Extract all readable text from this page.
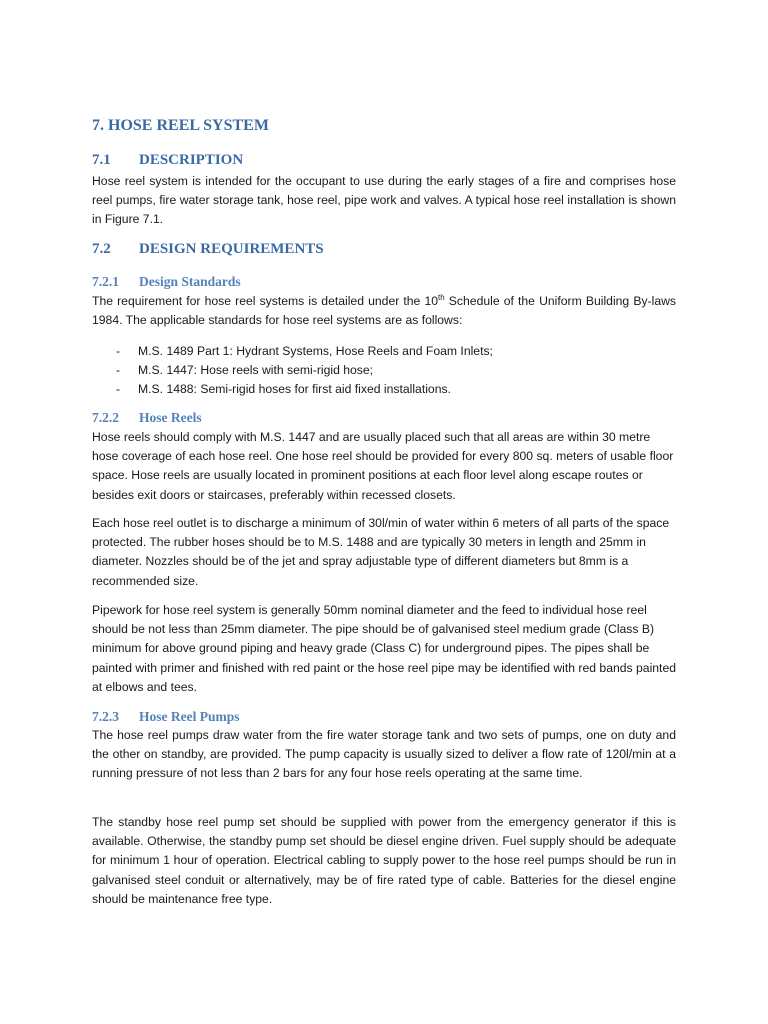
7. HOSE REEL SYSTEM
7.1 DESCRIPTION

Hose reel system is intended for the occupant to use during the early stages of a fire and comprises hose reel pumps, fire water storage tank, hose reel, pipe work and valves. A typical hose reel installation is shown in Figure 7.1.

7.2 DESIGN REQUIREMENTS
7.2.1 Design Standards

The requirement for hose reel systems is detailed under the 10th Schedule of the Uniform Building By-laws 1984. The applicable standards for hose reel systems are as follows:

- M.S. 1489 Part 1: Hydrant Systems, Hose Reels and Foam Inlets;
- M.S. 1447: Hose reels with semi-rigid hose;
- M.S. 1488: Semi-rigid hoses for first aid fixed installations.
7.2.2 Hose Reels

Hose reels should comply with M.S. 1447 and are usually placed such that all areas are within 30 metre hose coverage of each hose reel. One hose reel should be provided for every 800 sq. meters of usable floor space. Hose reels are usually located in prominent positions at each floor level along escape routes or besides exit doors or staircases, preferably within recessed closets.

Each hose reel outlet is to discharge a minimum of 30l/min of water within 6 meters of all parts of the space protected. The rubber hoses should be to M.S. 1488 and are typically 30 meters in length and 25mm in diameter. Nozzles should be of the jet and spray adjustable type of different diameters but 8mm is a recommended size.

Pipework for hose reel system is generally 50mm nominal diameter and the feed to individual hose reel should be not less than 25mm diameter. The pipe should be of galvanised steel medium grade (Class B) minimum for above ground piping and heavy grade (Class C) for underground pipes. The pipes shall be painted with primer and finished with red paint or the hose reel pipe may be identified with red bands painted at elbows and tees.

7.2.3 Hose Reel Pumps

The hose reel pumps draw water from the fire water storage tank and two sets of pumps, one on duty and the other on standby, are provided. The pump capacity is usually sized to deliver a flow rate of 120l/min at a running pressure of not less than 2 bars for any four hose reels operating at the same time.

The standby hose reel pump set should be supplied with power from the emergency generator if this is available. Otherwise, the standby pump set should be diesel engine driven. Fuel supply should be adequate for minimum 1 hour of operation. Electrical cabling to supply power to the hose reel pumps should be run in galvanised steel conduit or alternatively, may be of fire rated type of cable. Batteries for the diesel engine should be maintenance free type.
